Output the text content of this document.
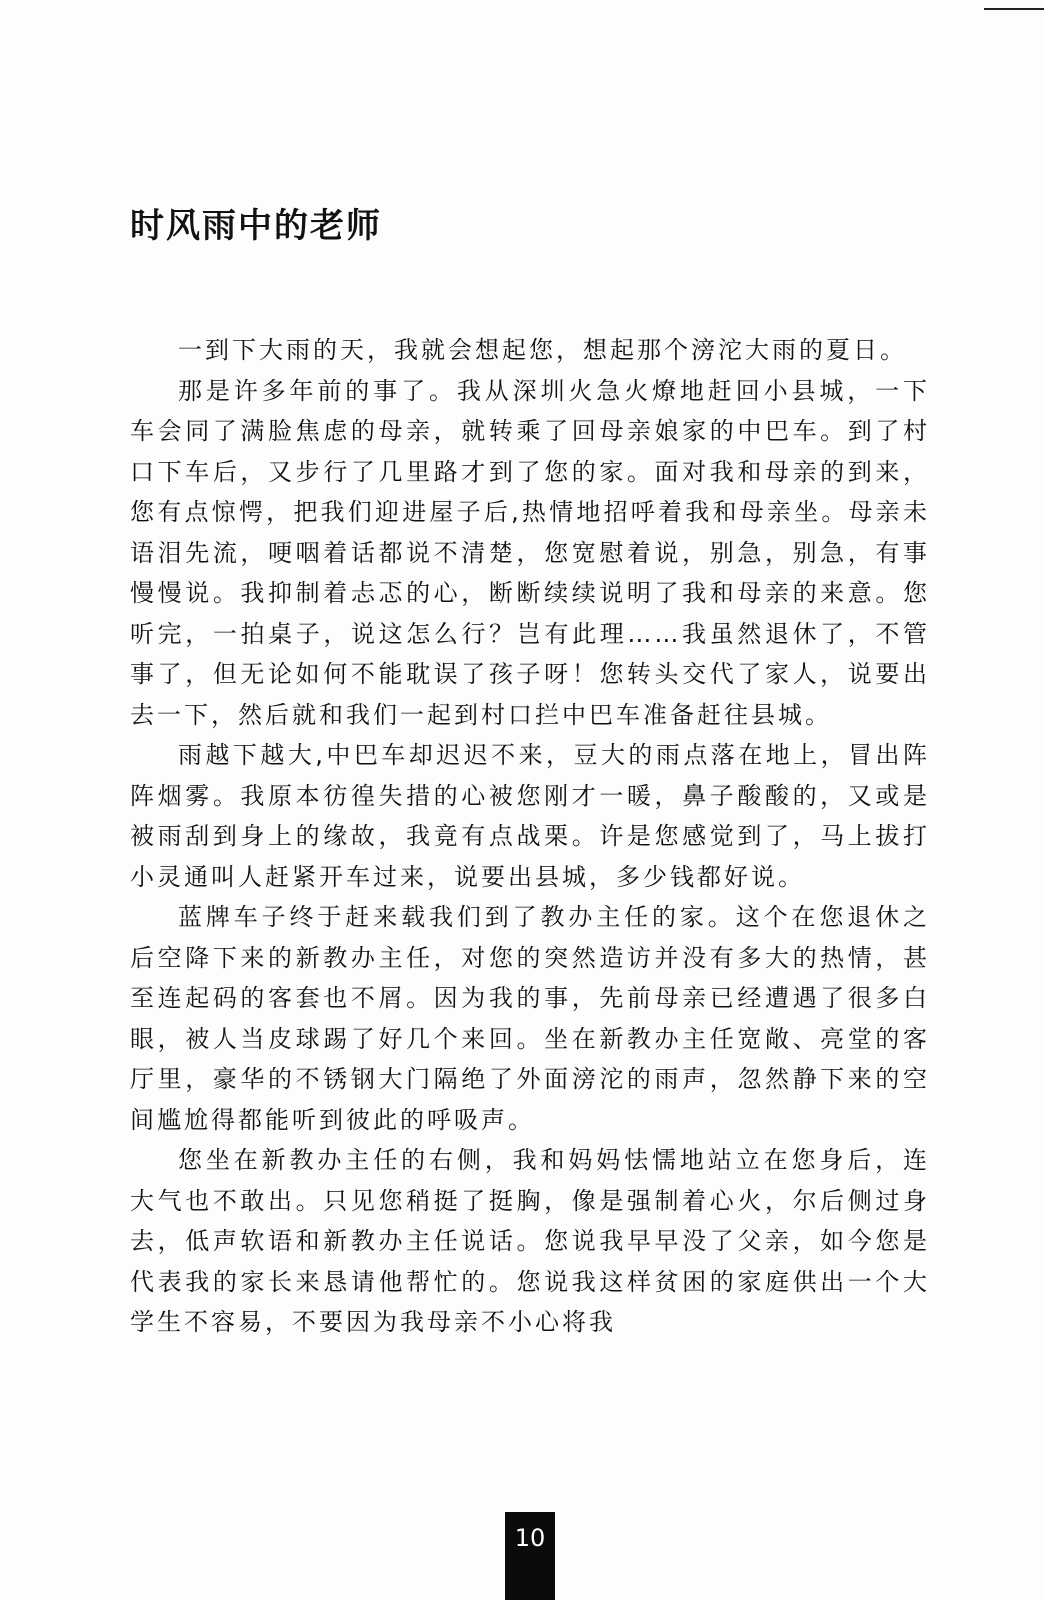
时风雨中的老师

一到下大雨的天，我就会想起您，想起那个滂沱大雨的夏日。

那是许多年前的事了。我从深圳火急火燎地赶回小县城，一下车会同了满脸焦虑的母亲，就转乘了回母亲娘家的中巴车。到了村口下车后，又步行了几里路才到了您的家。面对我和母亲的到来，您有点惊愕，把我们迎进屋子后,热情地招呼着我和母亲坐。母亲未语泪先流，哽咽着话都说不清楚，您宽慰着说，别急，别急，有事慢慢说。我抑制着忐忑的心，断断续续说明了我和母亲的来意。您听完，一拍桌子，说这怎么行？岂有此理……我虽然退休了，不管事了，但无论如何不能耽误了孩子呀！您转头交代了家人，说要出去一下，然后就和我们一起到村口拦中巴车准备赶往县城。

雨越下越大,中巴车却迟迟不来，豆大的雨点落在地上，冒出阵阵烟雾。我原本彷徨失措的心被您刚才一暖，鼻子酸酸的，又或是被雨刮到身上的缘故，我竟有点战栗。许是您感觉到了，马上拔打小灵通叫人赶紧开车过来，说要出县城，多少钱都好说。

蓝牌车子终于赶来载我们到了教办主任的家。这个在您退休之后空降下来的新教办主任，对您的突然造访并没有多大的热情，甚至连起码的客套也不屑。因为我的事，先前母亲已经遭遇了很多白眼，被人当皮球踢了好几个来回。坐在新教办主任宽敞、亮堂的客厅里，豪华的不锈钢大门隔绝了外面滂沱的雨声，忽然静下来的空间尴尬得都能听到彼此的呼吸声。

您坐在新教办主任的右侧，我和妈妈怯懦地站立在您身后，连大气也不敢出。只见您稍挺了挺胸，像是强制着心火，尔后侧过身去，低声软语和新教办主任说话。您说我早早没了父亲，如今您是代表我的家长来恳请他帮忙的。您说我这样贫困的家庭供出一个大学生不容易，不要因为我母亲不小心将我

10
